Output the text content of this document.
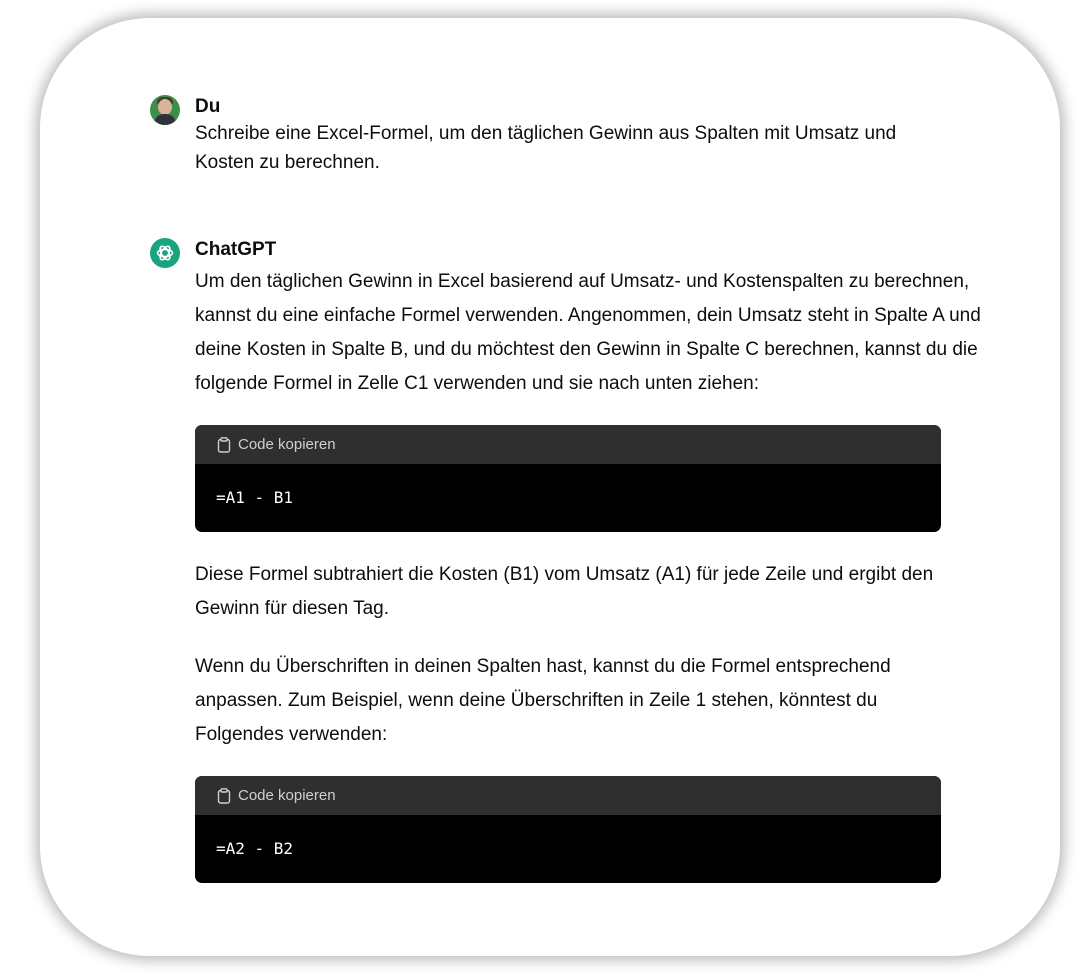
Du

Schreibe eine Excel-Formel, um den täglichen Gewinn aus Spalten mit Umsatz und Kosten zu berechnen.

ChatGPT

Um den täglichen Gewinn in Excel basierend auf Umsatz- und Kostenspalten zu berechnen, kannst du eine einfache Formel verwenden. Angenommen, dein Umsatz steht in Spalte A und deine Kosten in Spalte B, und du möchtest den Gewinn in Spalte C berechnen, kannst du die folgende Formel in Zelle C1 verwenden und sie nach unten ziehen:

Code kopieren
=A1 - B1

Diese Formel subtrahiert die Kosten (B1) vom Umsatz (A1) für jede Zeile und ergibt den Gewinn für diesen Tag.

Wenn du Überschriften in deinen Spalten hast, kannst du die Formel entsprechend anpassen. Zum Beispiel, wenn deine Überschriften in Zeile 1 stehen, könntest du Folgendes verwenden:

Code kopieren
=A2 - B2
